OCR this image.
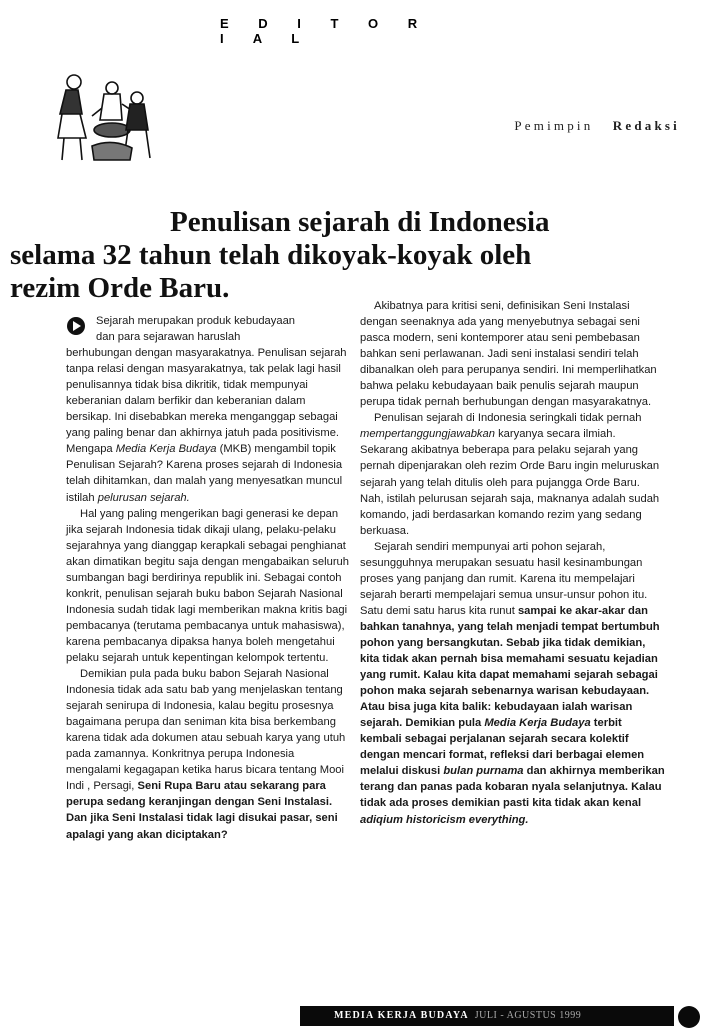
E D I T O R I A L
Pemimpin Redaksi
Penulisan sejarah di Indonesia
selama 32 tahun telah dikoyak-koyak oleh
rezim Orde Baru.

Sejarah merupakan produk kebudayaan
dan para sejarawan haruslah
berhubungan dengan masyarakatnya. Penulisan sejarah tanpa relasi dengan masyarakatnya, tak pelak lagi hasil penulisannya tidak bisa dikritik, tidak mempunyai keberanian dalam berfikir dan keberanian dalam bersikap. Ini disebabkan mereka menganggap sebagai yang paling benar dan akhirnya jatuh pada positivisme. Mengapa Media Kerja Budaya (MKB) mengambil topik Penulisan Sejarah? Karena proses sejarah di Indonesia telah dihitamkan, dan malah yang menyesatkan muncul istilah pelurusan sejarah.

Hal yang paling mengerikan bagi generasi ke depan jika sejarah Indonesia tidak dikaji ulang, pelaku-pelaku sejarahnya yang dianggap kerapkali sebagai penghianat akan dimatikan begitu saja dengan mengabaikan seluruh sumbangan bagi berdirinya republik ini. Sebagai contoh konkrit, penulisan sejarah buku babon Sejarah Nasional Indonesia sudah tidak lagi memberikan makna kritis bagi pembacanya (terutama pembacanya untuk mahasiswa), karena pembacanya dipaksa hanya boleh mengetahui pelaku sejarah untuk kepentingan kelompok tertentu.

Demikian pula pada buku babon Sejarah Nasional Indonesia tidak ada satu bab yang menjelaskan tentang sejarah senirupa di Indonesia, kalau begitu prosesnya bagaimana perupa dan seniman kita bisa berkembang karena tidak ada dokumen atau sebuah karya yang utuh pada zamannya. Konkritnya perupa Indonesia mengalami kegagapan ketika harus bicara tentang Mooi Indi , Persagi, Seni Rupa Baru atau sekarang para perupa sedang keranjingan dengan Seni Instalasi. Dan jika Seni Instalasi tidak lagi disukai pasar, seni apalagi yang akan diciptakan?

Akibatnya para kritisi seni, definisikan Seni Instalasi dengan seenaknya ada yang menyebutnya sebagai seni pasca modern, seni kontemporer atau seni pembebasan bahkan seni perlawanan. Jadi seni instalasi sendiri telah dibanalkan oleh para perupanya sendiri. Ini memperlihatkan bahwa pelaku kebudayaan baik penulis sejarah maupun perupa tidak pernah berhubungan dengan masyarakatnya.

Penulisan sejarah di Indonesia seringkali tidak pernah mempertanggungjawabkan karyanya secara ilmiah. Sekarang akibatnya beberapa para pelaku sejarah yang pernah dipenjarakan oleh rezim Orde Baru ingin meluruskan sejarah yang telah ditulis oleh para pujangga Orde Baru. Nah, istilah pelurusan sejarah saja, maknanya adalah sudah komando, jadi berdasarkan komando rezim yang sedang berkuasa.

Sejarah sendiri mempunyai arti pohon sejarah, sesungguhnya merupakan sesuatu hasil kesinambungan proses yang panjang dan rumit. Karena itu mempelajari sejarah berarti mempelajari semua unsur-unsur pohon itu. Satu demi satu harus kita runut sampai ke akar-akar dan bahkan tanahnya, yang telah menjadi tempat bertumbuh pohon yang bersangkutan. Sebab jika tidak demikian, kita tidak akan pernah bisa memahami sesuatu kejadian yang rumit. Kalau kita dapat memahami sejarah sebagai pohon maka sejarah sebenarnya warisan kebudayaan. Atau bisa juga kita balik: kebudayaan ialah warisan sejarah. Demikian pula Media Kerja Budaya terbit kembali sebagai perjalanan sejarah secara kolektif dengan mencari format, refleksi dari berbagai elemen melalui diskusi bulan purnama dan akhirnya memberikan terang dan panas pada kobaran nyala selanjutnya. Kalau tidak ada proses demikian pasti kita tidak akan kenal adiqium historicism everything.

MEDIA KERJA BUDAYA JULI - AGUSTUS 1999
